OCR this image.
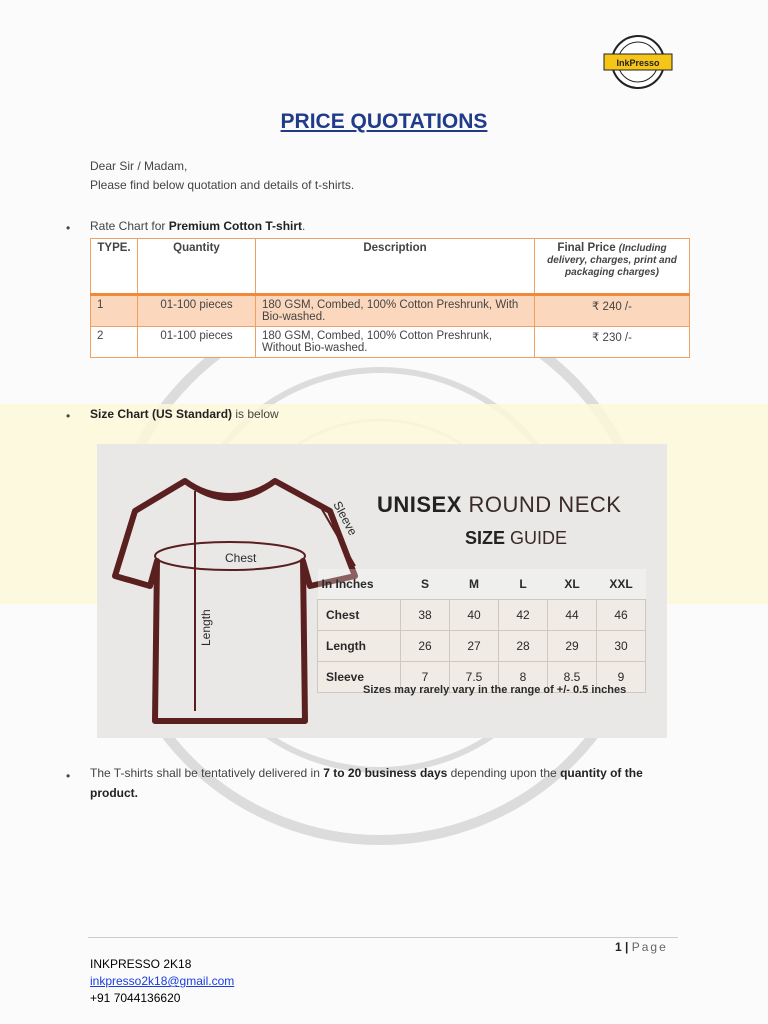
InkPresso
PRICE QUOTATIONS
Dear Sir / Madam,
Please find below quotation and details of t-shirts.
• Rate Chart for Premium Cotton T-shirt.
TYPE.	Quantity	Description	Final Price (Including delivery, charges, print and packaging charges)
1	01-100 pieces	180 GSM, Combed, 100% Cotton Preshrunk, With Bio-washed.	₹ 240 /-
2	01-100 pieces	180 GSM, Combed, 100% Cotton Preshrunk, Without Bio-washed.	₹ 230 /-
• Size Chart (US Standard) is below
Chest
Length
Sleeve UNISEX ROUND NECK
SIZE GUIDE
In Inches	S	M	L	XL	XXL
Chest	38	40	42	44	46
Length	26	27	28	29	30
Sleeve	7	7.5	8	8.5	9
Sizes may rarely vary in the range of +/- 0.5 inches
• The T-shirts shall be tentatively delivered in 7 to 20 business days depending upon the quantity of the product.
1 | Page
INKPRESSO 2K18
inkpresso2k18@gmail.com
+91 7044136620
